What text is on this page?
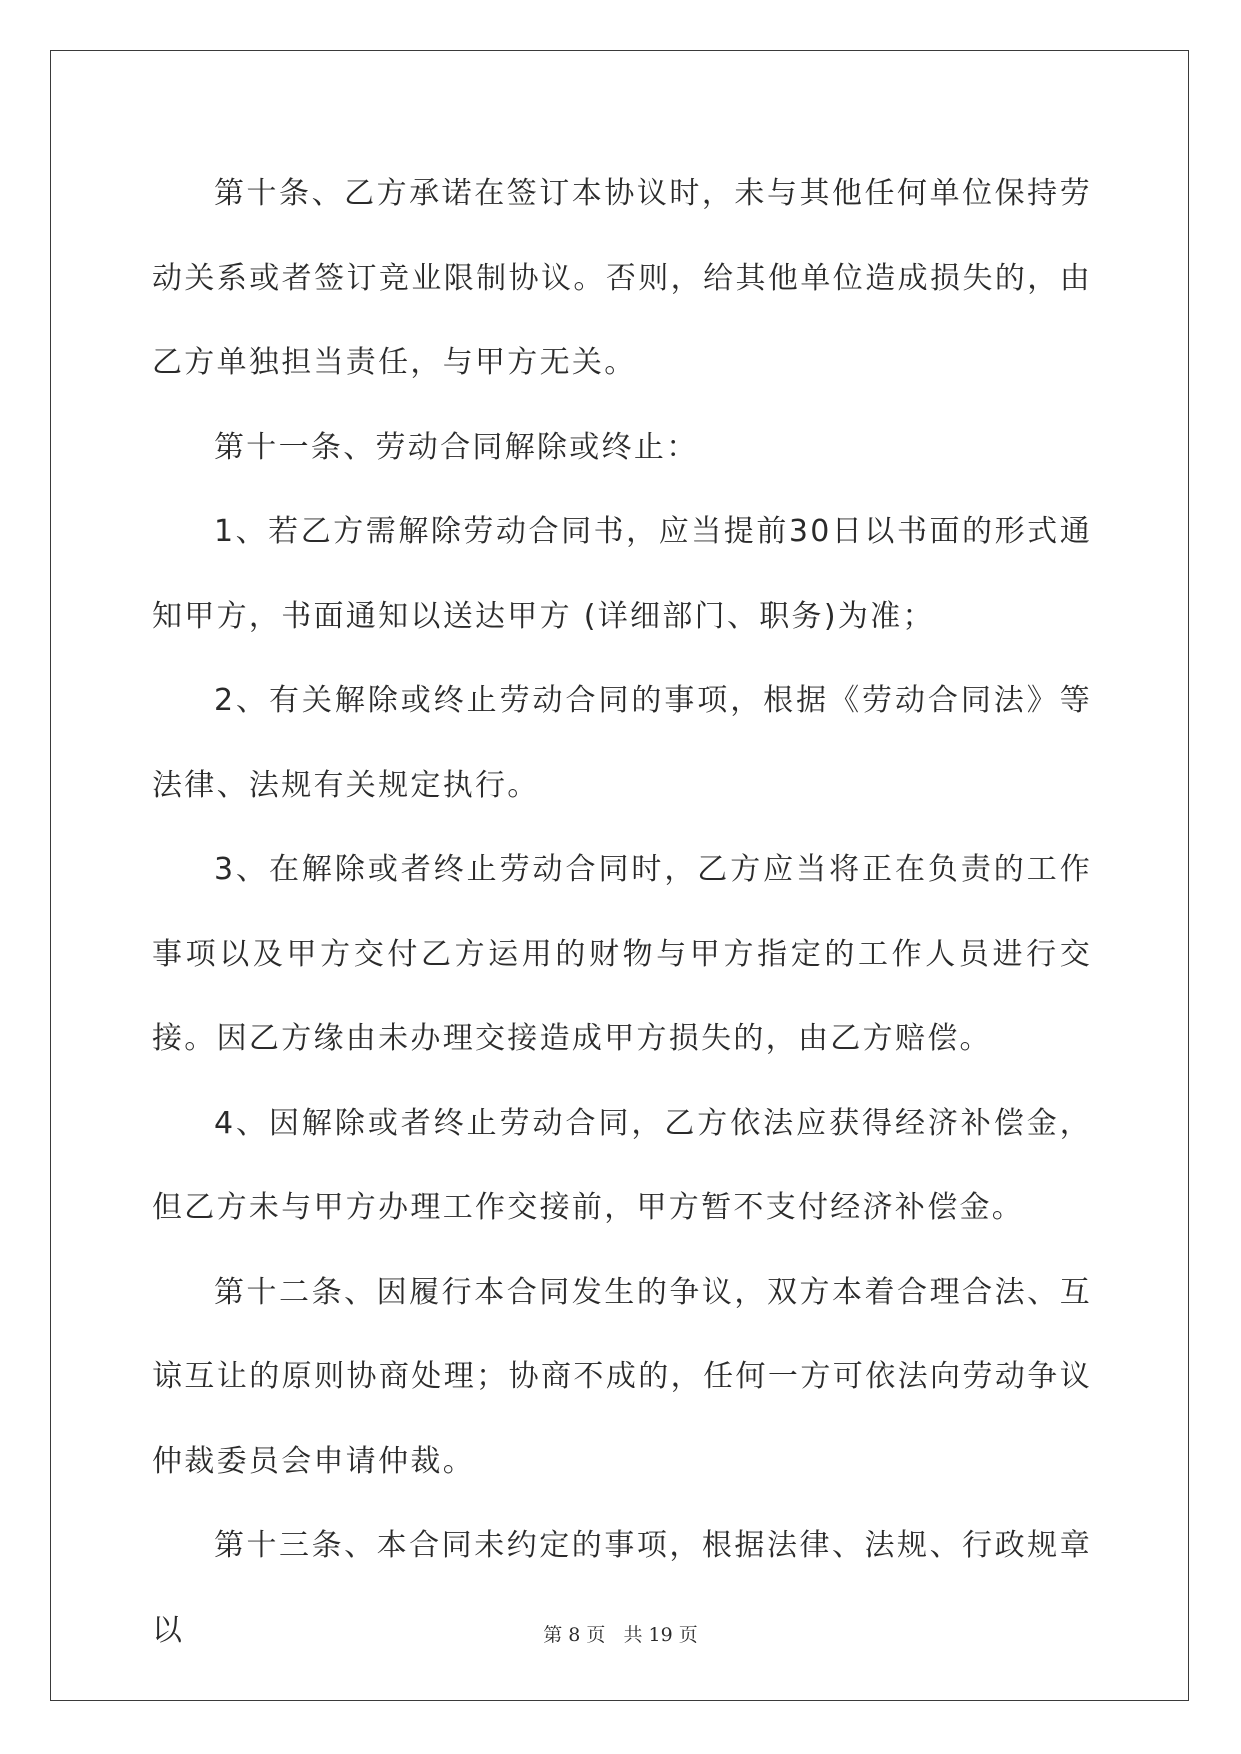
第十条、乙方承诺在签订本协议时，未与其他任何单位保持劳动关系或者签订竞业限制协议。否则，给其他单位造成损失的，由乙方单独担当责任，与甲方无关。

第十一条、劳动合同解除或终止：

1、若乙方需解除劳动合同书，应当提前30日以书面的形式通知甲方，书面通知以送达甲方 (详细部门、职务)为准；

2、有关解除或终止劳动合同的事项，根据《劳动合同法》等法律、法规有关规定执行。

3、在解除或者终止劳动合同时，乙方应当将正在负责的工作事项以及甲方交付乙方运用的财物与甲方指定的工作人员进行交接。因乙方缘由未办理交接造成甲方损失的，由乙方赔偿。

4、因解除或者终止劳动合同，乙方依法应获得经济补偿金，但乙方未与甲方办理工作交接前，甲方暂不支付经济补偿金。

第十二条、因履行本合同发生的争议，双方本着合理合法、互谅互让的原则协商处理；协商不成的，任何一方可依法向劳动争议仲裁委员会申请仲裁。

第十三条、本合同未约定的事项，根据法律、法规、行政规章以	第 8 页 共 19 页
